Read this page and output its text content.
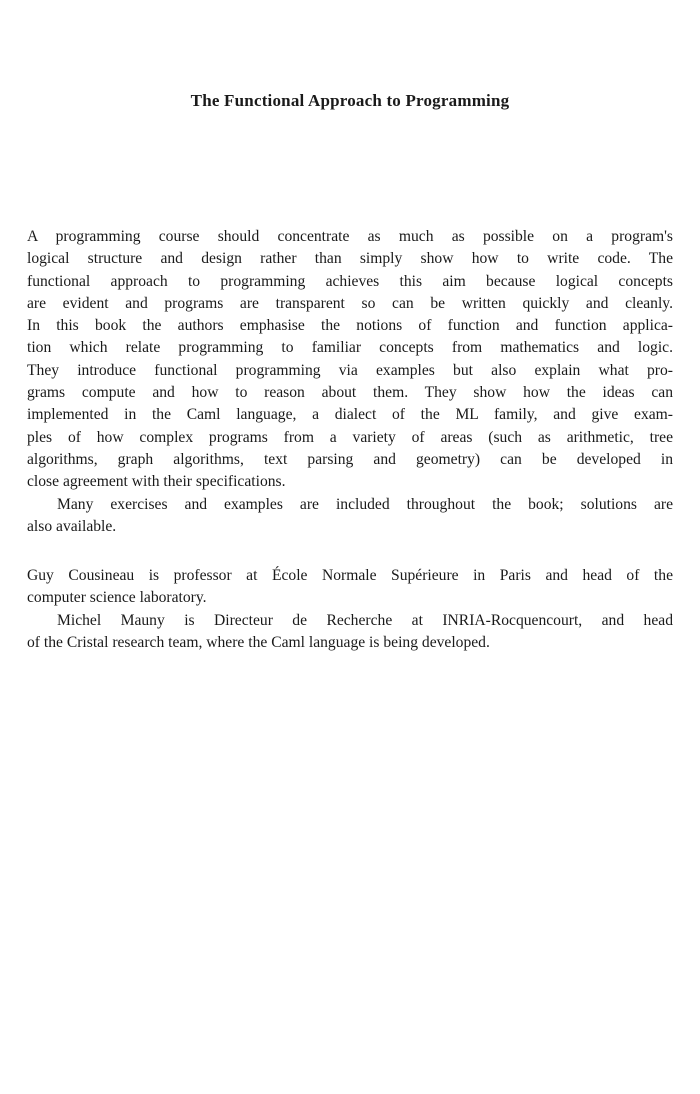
The Functional Approach to Programming
A programming course should concentrate as much as possible on a program's
logical structure and design rather than simply show how to write code. The
functional approach to programming achieves this aim because logical concepts
are evident and programs are transparent so can be written quickly and cleanly.
In this book the authors emphasise the notions of function and function applica-
tion which relate programming to familiar concepts from mathematics and logic.
They introduce functional programming via examples but also explain what pro-
grams compute and how to reason about them. They show how the ideas can
implemented in the Caml language, a dialect of the ML family, and give exam-
ples of how complex programs from a variety of areas (such as arithmetic, tree
algorithms, graph algorithms, text parsing and geometry) can be developed in
close agreement with their specifications.
Many exercises and examples are included throughout the book; solutions are
also available.
Guy Cousineau is professor at École Normale Supérieure in Paris and head of the
computer science laboratory.
Michel Mauny is Directeur de Recherche at INRIA-Rocquencourt, and head
of the Cristal research team, where the Caml language is being developed.
